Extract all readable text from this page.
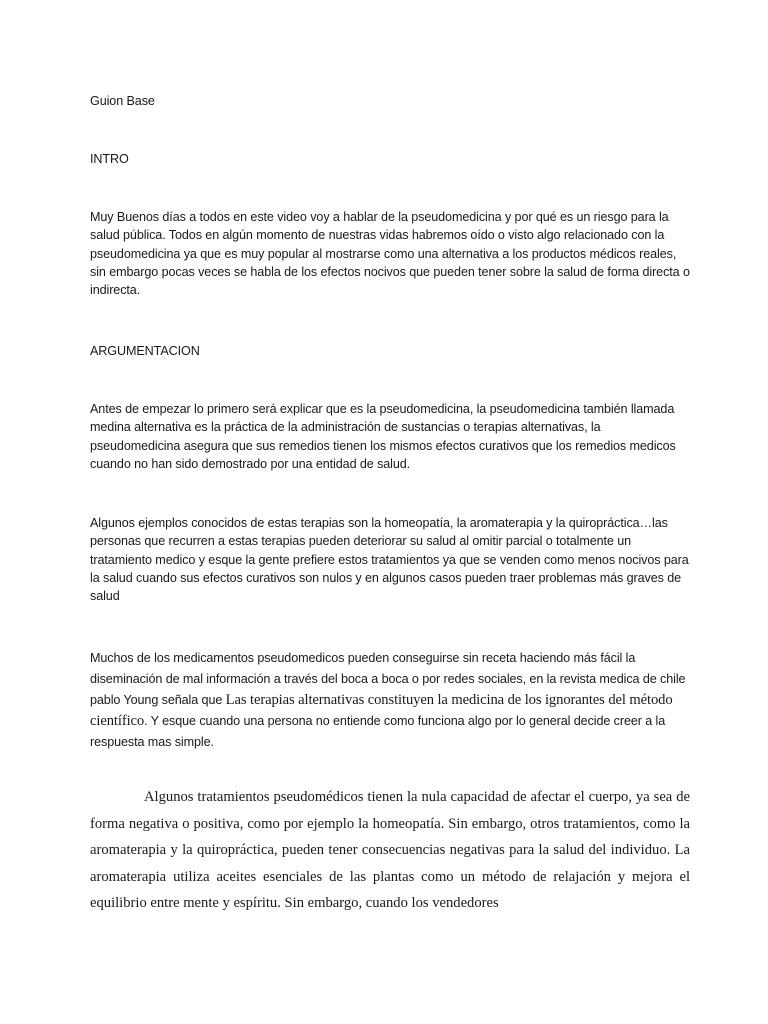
Guion Base

INTRO

Muy Buenos días a todos en este video voy a hablar de la pseudomedicina y por qué es un riesgo para la salud pública. Todos en algún momento de nuestras vidas habremos oído o visto algo relacionado con la pseudomedicina ya que es muy popular al mostrarse como una alternativa a los productos médicos reales, sin embargo pocas veces se habla de los efectos nocivos que pueden tener sobre la salud de forma directa o indirecta.

ARGUMENTACION

Antes de empezar lo primero será explicar que es la pseudomedicina, la pseudomedicina también llamada medina alternativa es la práctica de la administración de sustancias o terapias alternativas, la pseudomedicina asegura que sus remedios tienen los mismos efectos curativos que los remedios medicos cuando no han sido demostrado por una entidad de salud.

Algunos ejemplos conocidos de estas terapias son la homeopatía, la aromaterapia y la quiropráctica…las personas que recurren a estas terapias pueden deteriorar su salud al omitir parcial o totalmente un tratamiento medico y esque la gente prefiere estos tratamientos ya que se venden como menos nocivos para la salud cuando sus efectos curativos son nulos y en algunos casos pueden traer problemas más graves de salud

Muchos de los medicamentos pseudomedicos pueden conseguirse sin receta haciendo más fácil la diseminación de mal información a través del boca a boca o por redes sociales, en la revista medica de chile pablo Young señala que Las terapias alternativas constituyen la medicina de los ignorantes del método científico. Y esque cuando una persona no entiende como funciona algo por lo general decide creer a la respuesta mas simple.

Algunos tratamientos pseudomédicos tienen la nula capacidad de afectar el cuerpo, ya sea de forma negativa o positiva, como por ejemplo la homeopatía. Sin embargo, otros tratamientos, como la aromaterapia y la quiropráctica, pueden tener consecuencias negativas para la salud del individuo. La aromaterapia utiliza aceites esenciales de las plantas como un método de relajación y mejora el equilibrio entre mente y espíritu. Sin embargo, cuando los vendedores
